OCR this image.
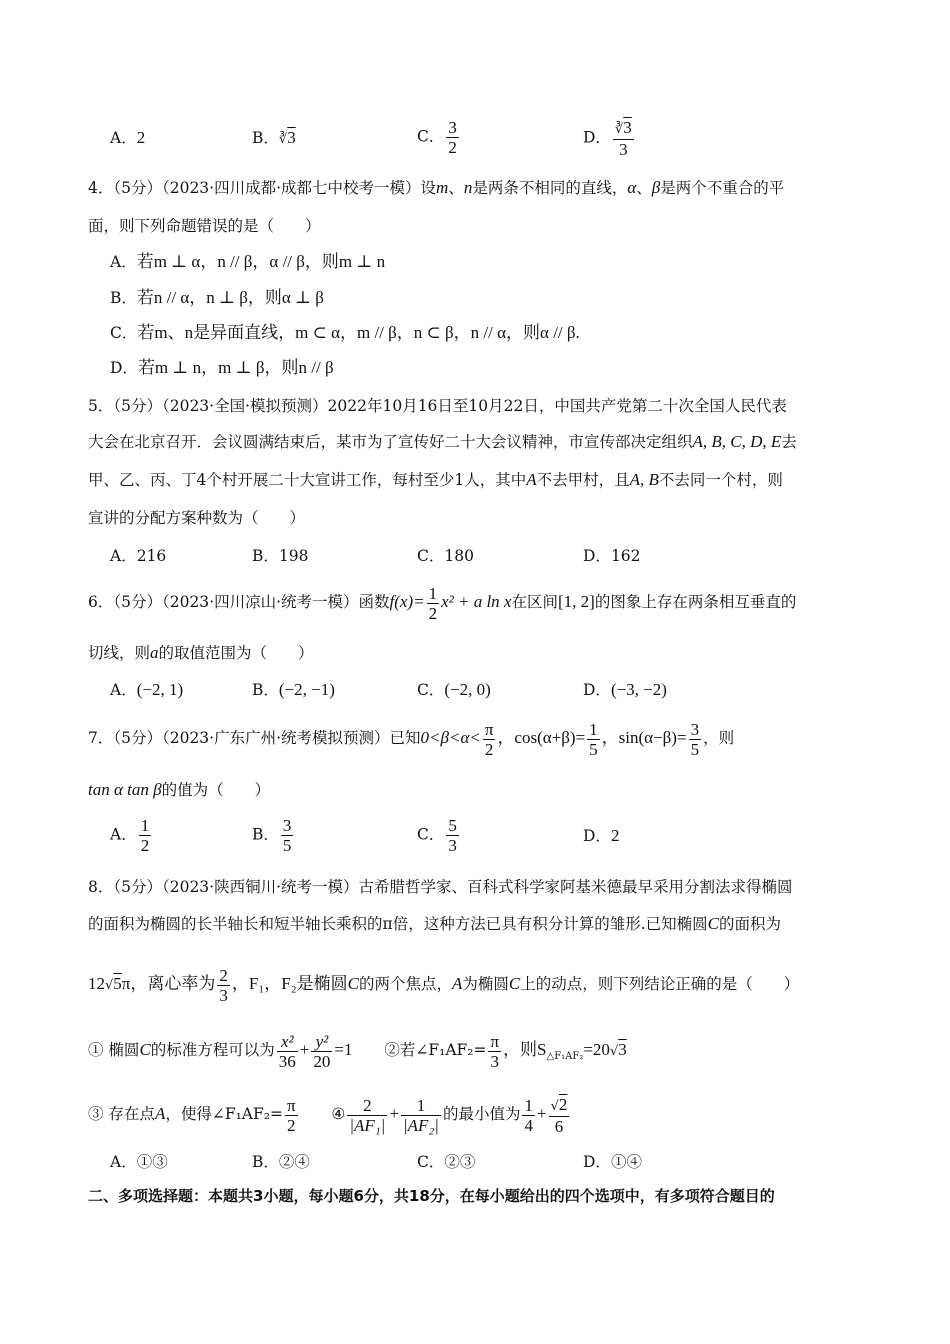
A．2	B．∛3	C． $\frac{3}{2}$	D． $\frac{∛3}{3}$
4．（5分）（2023·四川成都·成都七中校考一模）设m、n是两条不相同的直线，α、β是两个不重合的平
面，则下列命题错误的是（　　）
A．若m ⊥ α，n // β，α // β，则m ⊥ n
B．若n // α，n ⊥ β，则α ⊥ β
C．若m、n是异面直线，m ⊂ α，m // β，n ⊂ β，n // α，则α // β.
D．若m ⊥ n，m ⊥ β，则n // β
5．（5分）（2023·全国·模拟预测）2022年10月16日至10月22日，中国共产党第二十次全国人民代表
大会在北京召开．会议圆满结束后，某市为了宣传好二十大会议精神，市宣传部决定组织A, B, C, D, E去
甲、乙、丙、丁4个村开展二十大宣讲工作，每村至少1人，其中A不去甲村，且A, B不去同一个村，则
宣讲的分配方案种数为（　　）
A．216	B．198	C．180	D．162
6．（5分）（2023·四川凉山·统考一模）函数$f(x)= \frac{1}{2} x^2 + a$ ln x在区间[1, 2]的图象上存在两条相互垂直的
切线，则a的取值范围为（　　）
A．(−2, 1)	B．(−2, −1)	C．(−2, 0)	D．(−3, −2)
7．（5分）（2023·广东广州·统考模拟预测）已知$0<\beta<\alpha< \frac{\pi}{2}$ ，$\cos(\alpha+\beta)= \frac{1}{5}$ ，$\sin(\alpha-\beta)= \frac{3}{5}$ ，则
tan α tan β的值为（　　）
A． $\frac{1}{2}$	B． $\frac{3}{5}$	C． $\frac{5}{3}$	D．2
8．（5分）（2023·陕西铜川·统考一模）古希腊哲学家、百科式科学家阿基米德最早采用分割法求得椭圆
的面积为椭圆的长半轴长和短半轴长乘积的π倍，这种方法已具有积分计算的雏形.已知椭圆C的面积为
12√5π，离心率为 $\frac{2}{3}$ ，F₁，F₂是椭圆C的两个焦点，A为椭圆C上的动点，则下列结论正确的是（　　）
① 椭圆C的标准方程可以为 $\frac{\text{x²}}{36} + \frac{\text{y²}}{20} =1$ ②若∠F₁AF₂= $\frac{\pi}{3}$ ，则$S_{\triangle F_1AF_2}=20√3$
③ 存在点A，使得∠F₁AF₂= $\frac{\pi}{2}$ ④ $\frac{2}{\text{|AF₁|}} + \frac{1}{\text{|AF₂|}}$ 的最小值为 $\frac{1}{4} + \frac{√2}{6}$
A．①③	B．②④	C．②③	D．①④
二、多项选择题：本题共3小题，每小题6分，共18分，在每小题给出的四个选项中，有多项符合题目的
